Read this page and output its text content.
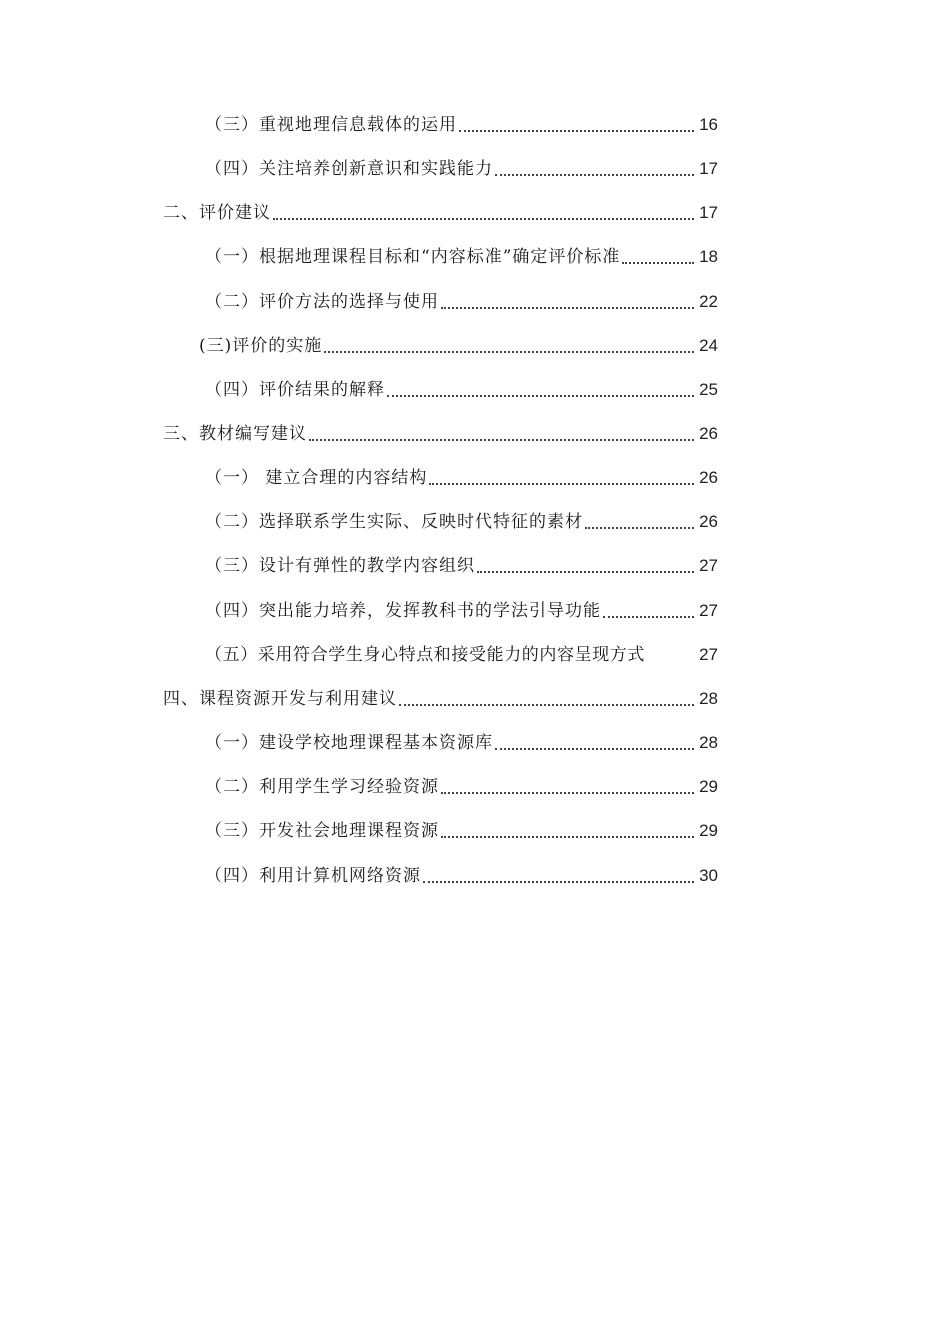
（三）重视地理信息载体的运用	16
（四）关注培养创新意识和实践能力	17
二、评价建议	17
（一）根据地理课程目标和“内容标准”确定评价标准	18
（二）评价方法的选择与使用	22
(三)评价的实施	24
（四）评价结果的解释	25
三、教材编写建议	26
（一） 建立合理的内容结构	26
（二）选择联系学生实际、反映时代特征的素材	26
（三）设计有弹性的教学内容组织	27
（四）突出能力培养，发挥教科书的学法引导功能	27
（五）采用符合学生身心特点和接受能力的内容呈现方式	27
四、课程资源开发与利用建议	28
（一）建设学校地理课程基本资源库	28
（二）利用学生学习经验资源	29
（三）开发社会地理课程资源	29
（四）利用计算机网络资源	30
